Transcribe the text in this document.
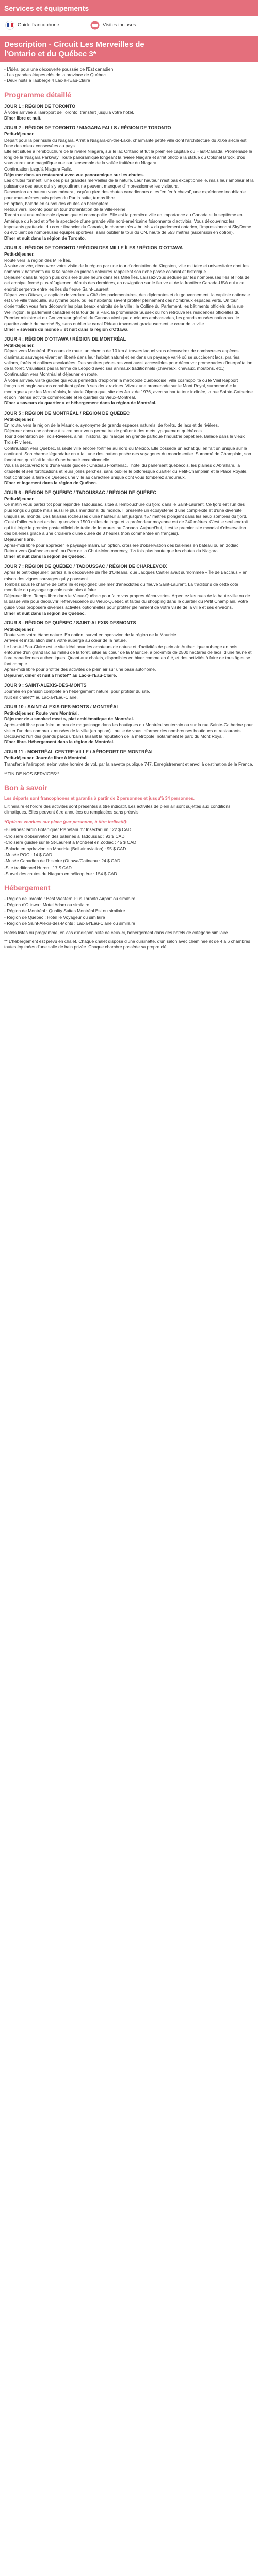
Services et équipements
Guide francophone	Visites incluses
Description - Circuit Les Merveilles de
l'Ontario et du Québec 3*
- L'idéal pour une découverte poussée de l'Est canadien
- Les grandes étapes clés de la province de Québec
- Deux nuits à l'auberge 4 Lac-à-l'Eau-Claire
Programme détaillé
JOUR 1 : RÉGION DE TORONTO
À votre arrivée à l'aéroport de Toronto, transfert jusqu'à votre hôtel.
Dîner libre et nuit.
JOUR 2 : RÉGION DE TORONTO / NIAGARA FALLS / RÉGION DE TORONTO
Petit-déjeuner.
Départ pour la perinsule du Niagara. Arrêt à Niagara-on-the-Lake, charmante petite ville dont l'architecture du XIXe siècle est l'une des mieux conservées au pays.
Elle est située à l'embouchure de la rivière Niagara, sur le lac Ontario et fut la première capitale du Haut-Canada. Promenade le long de la 'Niagara Parkway', route panoramique longeant la rivière Niagara et arrêt photo à la statue du Colonel Brock, d'où vous aurez une magnifique vue sur l'ensemble de la vallée fruitière du Niagara.
Continuation jusqu'à Niagara Falls.
Déjeuner dans un restaurant avec vue panoramique sur les chutes.
Les chutes forment l'une des plus grandes merveilles de la nature. Leur hauteur n'est pas exceptionnelle, mais leur ampleur et la puissance des eaux qui s'y engouffrent ne peuvent manquer d'impressionner les visiteurs.
Descursion en bateau vous mènera jusqu'au pied des chutes canadiennes dites 'en fer à cheval', une expérience inoubliable pour vous-mêmes puis prises du Pur la suite, temps libre.
En option, balade en survol des chutes en hélicoptère.
Retour vers Toronto pour un tour d'orientation de la Ville-Reine.
Toronto est une métropole dynamique et cosmopolite. Elle est la première ville en importance au Canada et la septième en Amérique du Nord et offre le spectacle d'une grande ville nord-américaine foisonnante d'activités. Vous découvrirez les imposants gratte-ciel du cœur financier du Canada, le charme très « british » du parlement ontarien, l'impressionnant SkyDome où évoluent de nombreuses équipes sportives, sans oublier la tour du CN, haute de 553 mètres (ascension en option).
Dîner et nuit dans la région de Toronto.
JOUR 3 : RÉGION DE TORONTO / RÉGION DES MILLE ÎLES / RÉGION D'OTTAWA
Petit-déjeuner.
Route vers la région des Mille Îles.
À votre arrivée, découvrez votre visite de la région par une tour d'orientation de Kingston, ville militaire et universitaire dont les nombreux bâtiments du XIXe siècle en pierres calcaires rappellent son riche passé colonial et historique.
Déjeuner dans la région puis croisière d'une heure dans les Mille Îles. Laissez-vous séduire par les nombreuses îles et îlots de cet archipel formé plus réfugiement dépuis des dernières, en navigation sur le fleuve et de la frontière Canada-USA qui a cet endroit serpente entre les îles du fleuve Saint-Laurent.
Départ vers Ottawa, « capitale de verdure » Cité des parlementaires, des diplomates et du gouvernement, la capitale nationale est une ville tranquille, au rythme posé, où les habitants savent profiter pleinement des nombreux espaces verts. Un tour d'orientation vous fera découvrir les plus beaux endroits de la ville : la Colline du Parlement, les bâtiments officiels de la rue Wellington, le parlement canadien et la tour de la Paix, la promenade Sussex où l'on retrouve les résidences officielles du Premier ministre et du Gouverneur général du Canada ainsi que quelques ambassades, les grands musées nationaux, le quartier animé du marché By, sans oublier le canal Rideau traversant gracieusement le cœur de la ville.
Dîner « saveurs du monde » et nuit dans la région d'Ottawa.
JOUR 4 : RÉGION D'OTTAWA / RÉGION DE MONTRÉAL
Petit-déjeuner.
Départ vers Montréal. En cours de route, un chemin de 10 km à travers laquel vous découvrirez de nombreuses espèces d'animaux sauvages vivant en liberté dans leur habitat naturel et en dans un paysage varié où se succèdent lacs, prairies, vallons, forêts et collines escaladées. Des sentiers pédestres vont aussi accessibles pour découvrir promenades d'interprétation de la forêt. Visualisez pas la ferme de Léopold avec ses animaux traditionnels (chèvreux, chevaux, moutons, etc.)
Continuation vers Montréal et déjeuner en route.
À votre arrivée, visite guidée qui vous permettra d'explorer la métropole québécoise, ville cosmopolite où le Vieil Rapport français et anglo-saxons cohabitent grâce à ses deux racines. Vivrez une promenade sur le Mont Royal, surnommé « la montagne » par les Montréalais, le stade Olympique, site des Jeux de 1976, avec sa haute tour inclinée, la rue Sainte-Catherine et son intense activité commerciale et le quartier du Vieux-Montréal.
Dîner « saveurs du quartier » et hébergement dans la région de Montréal.
JOUR 5 : RÉGION DE MONTRÉAL / RÉGION DE QUÉBEC
Petit-déjeuner.
En route, vers la région de la Mauricie, synonyme de grands espaces naturels, de forêts, de lacs et de rivières.
Déjeuner dans une cabane à sucre pour vous permettre de goûter à des mets typiquement québécois.
Tour d'orientation de Trois-Rivières, ainsi l'historial qui marque en grande partique l'industrie papetière. Balade dans le vieux Trois-Rivières.
Continuation vers Québec, la seule ville encore fortifiée au nord du Mexico. Elle possède un achat qui en fait un unique sur le continent. Son charme légendaire en a fait une destination prisée des voyageurs du monde entier. Surnomé de Champlain, son fondateur, qualifiait le site d'une beauté exceptionnelle.
Vous la découvrez lors d'une visite guidée : Château Frontenac, l'hôtel du parlement québécois, les plaines d'Abraham, la citadelle et ses fortifications et leurs jolies perches, sans oublier le pittoresque quartier du Petit-Champlain et la Place Royale, tout contribue à faire de Québec une ville au caractère unique dont vous tomberez amoureux.
Dîner et logement dans la région de Québec.
JOUR 6 : RÉGION DE QUÉBEC / TADOUSSAC / RÉGION DE QUÉBEC
Petit-déjeuner.
Ce matin vous partez tôt pour rejoindre Tadoussac, situé à l'embouchure du fjord dans le Saint-Laurent. Ce fjord est l'un des plus longs du globe mais aussi le plus méridional du monde. Il présente un écosystème d'une complexité et d'une diversité uniques au monde. Des falaises rocheuses d'une hauteur allant jusqu'à 457 mètres plongent dans les eaux sombres du fjord.
C'est d'ailleurs à cet endroit qu'environ 1500 milles de large et la profondeur moyenne est de 240 mètres. C'est le seul endroit qui fut érigé le premier poste officiel de traite de fourrures au Canada. Aujourd'hui, il est le premier site mondial d'observation des baleines grâce à une croisière d'une durée de 3 heures (non commentée en français).
Déjeuner libre.
Après-midi libre pour apprécier le paysage marin. En option, croisière d'observation des baleines en bateau ou en zodiac.
Retour vers Québec en arrêt au Parc de la Chute-Montmorency, 1½ fois plus haute que les chutes du Niagara.
Dîner et nuit dans la région de Québec.
JOUR 7 : RÉGION DE QUÉBEC / TADOUSSAC / RÉGION DE CHARLEVOIX
Après le petit-déjeuner, partez à la découverte de l'Île d'Orléans, que Jacques Cartier avait surnommée « Île de Bacchus » en raison des vignes sauvages qui y poussent.
Tombez sous le charme de cette île et rejoignez une mer d'anecdotes du fleuve Saint-Laurent. La traditions de cette côte mondiale du paysage agricole reste plus à faire.
Déjeuner libre. Temps libre dans le Vieux-Québec pour faire vos propres découvertes. Arpentez les rues de la haute-ville ou de la basse ville pour découvrir l'effervescence du Vieux-Québec et faites du shopping dans le quartier du Petit Champlain. Votre guide vous proposera diverses activités optionnelles pour profiter pleinement de votre visite de la ville et ses environs.
Dîner et nuit dans la région de Québec.
JOUR 8 : RÉGION DE QUÉBEC / SAINT-ALEXIS-DESMONTS
Petit-déjeuner.
Route vers votre étape nature. En option, survol en hydravion de la région de la Mauricie.
Arrivée et installation dans votre auberge au cœur de la nature.
Le Lac-à-l'Eau-Claire est le site idéal pour les amateurs de nature et d'activités de plein air. Authentique auberge en bois entourée d'un grand lac au milieu de la forêt, situé au cœur de la Mauricie, à proximité de 2500 hectares de lacs, d'une faune et flore canadiennes authentiques. Quant aux chalets, disponibles en hiver comme en été, et des activités à faire de tous âges se font compte.
Après-midi libre pour profiter des activités de plein air sur une base autonome.
Déjeuner, dîner et nuit à l'hôtel** au Lac-à-l'Eau-Claire.
JOUR 9 : SAINT-ALEXIS-DES-MONTS
Journée en pension complète en hébergement nature, pour profiter du site.
Nuit en chalet** au Lac-à-l'Eau-Claire.
JOUR 10 : SAINT-ALEXIS-DES-MONTS / MONTRÉAL
Petit-déjeuner. Route vers Montréal.
Déjeuner de « smoked meat », plat emblématique de Montréal.
Après-midi libre pour faire un peu de magasinage dans les boutiques du Montréal souterrain ou sur la rue Sainte-Catherine pour visiter l'un des nombreux musées de la ville (en option). Inutile de vous informer des nombreuses boutiques et restaurants. Découvrez l'un des grands parcs urbains faisant la réputation de la métropole, notamment le parc du Mont Royal.
Dîner libre. Hébergement dans la région de Montréal.
JOUR 11 : MONTRÉAL CENTRE-VILLE / AÉROPORT DE MONTRÉAL
Petit-déjeuner. Journée libre à Montréal.
Transfert à l'aéroport, selon votre horaire de vol, par la navette publique 747. Enregistrement et envol à destination de la France.
**FIN DE NOS SERVICES**
Bon à savoir
Les départs sont francophones et garantis à partir de 2 personnes et jusqu'à 34 personnes.
L'itinéraire et l'ordre des activités sont présentés à titre indicatif. Les activités de plein air sont sujettes aux conditions climatiques. Elles peuvent être annulées ou remplacées sans préavis.
*Options vendues sur place (par personne, à titre indicatif):
-Bluelines/Jardin Botanique/ Planétarium/ Insectarium : 22 $ CAD
-Croisière d'observation des baleines à Tadoussac : 93 $ CAD
-Croisière guidée sur le St-Laurent à Montréal en Zodiac : 45 $ CAD
-Balade en hydravion en Mauricie (Bell air aviation) : 95 $ CAD
-Musée POC : 14 $ CAD
-Musée Canadien de l'histoire (Ottawa/Gatineau : 24 $ CAD
-Site traditionnel Huron : 17 $ CAD
-Survol des chutes du Niagara en hélicoptère : 154 $ CAD
Hébergement
- Région de Toronto : Best Western Plus Toronto Airport ou similaire
- Région d'Ottawa : Motel Adam ou similaire
- Région de Montréal : Quality Suites Montréal Est ou similaire
- Région de Québec : Hotel le Voyageur ou similaire
- Région de Saint-Alexis-des-Monts : Lac-à-l'Eau-Claire ou similaire
Hôtels listés ou programme, en cas d'indisponibilité de ceux-ci, hébergement dans des hôtels de catégorie similaire.
** L'hébergement est prévu en chalet. Chaque chalet dispose d'une cuisinette, d'un salon avec cheminée et de 4 à 6 chambres toutes équipées d'une salle de bain privée. Chaque chambre possède sa propre clé.
